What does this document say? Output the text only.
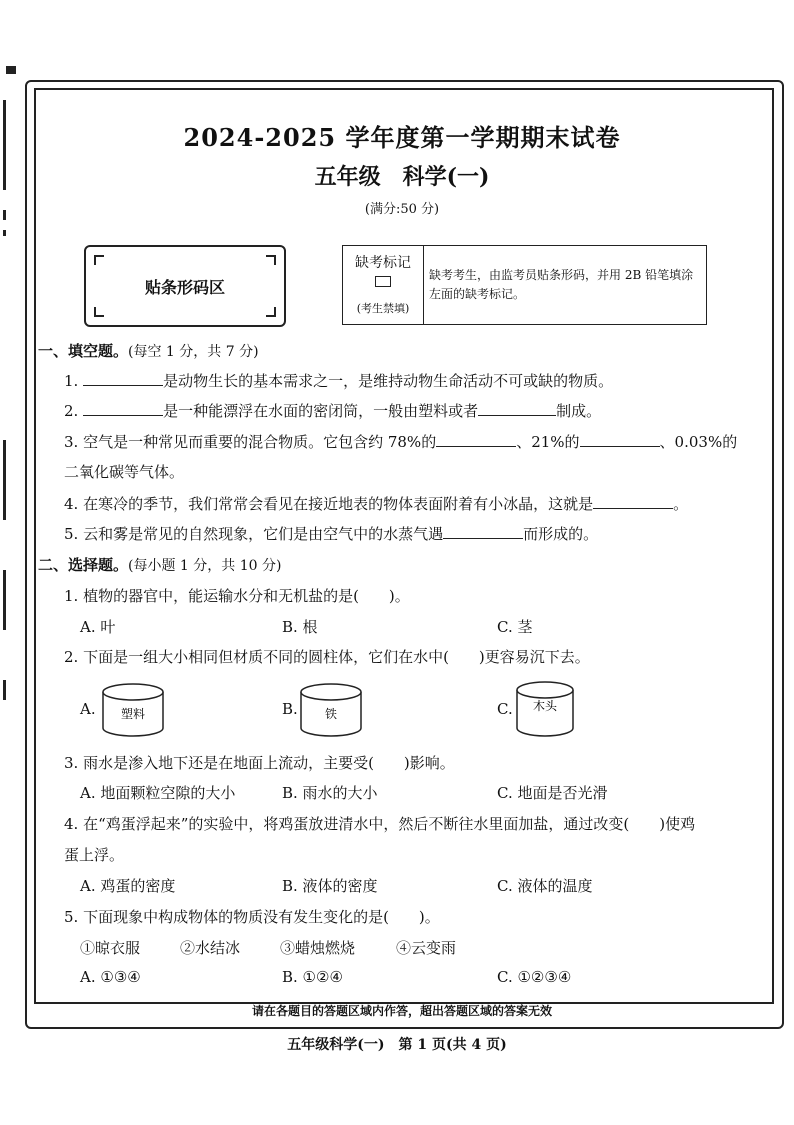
2024-2025 学年度第一学期期末试卷
五年级　科学(一)
(满分:50 分)
贴条形码区
缺考标记
(考生禁填)
缺考考生，由监考员贴条形码，并用 2B 铅笔填涂左面的缺考标记。
一、填空题。(每空 1 分，共 7 分)
1.	是动物生长的基本需求之一，是维持动物生命活动不可或缺的物质。
2.	是一种能漂浮在水面的密闭筒，一般由塑料或者	制成。
3. 空气是一种常见而重要的混合物质。它包含约 78%的	、21%的	、0.03%的
二氧化碳等气体。
4. 在寒冷的季节，我们常常会看见在接近地表的物体表面附着有小冰晶，这就是	。
5. 云和雾是常见的自然现象，它们是由空气中的水蒸气遇	而形成的。
二、选择题。(每小题 1 分，共 10 分)
1. 植物的器官中，能运输水分和无机盐的是(　　)。
A. 叶	B. 根	C. 茎
2. 下面是一组大小相同但材质不同的圆柱体，它们在水中(　　)更容易沉下去。
A. 塑料	B. 铁	C. 木头
3. 雨水是渗入地下还是在地面上流动，主要受(　　)影响。
A. 地面颗粒空隙的大小	B. 雨水的大小	C. 地面是否光滑
4. 在“鸡蛋浮起来”的实验中，将鸡蛋放进清水中，然后不断往水里面加盐，通过改变(　　)使鸡
蛋上浮。
A. 鸡蛋的密度	B. 液体的密度	C. 液体的温度
5. 下面现象中构成物体的物质没有发生变化的是(　　)。
①晾衣服	②水结冰	③蜡烛燃烧	④云变雨
A. ①③④	B. ①②④	C. ①②③④
请在各题目的答题区域内作答，超出答题区域的答案无效
五年级科学(一)　第 1 页(共 4 页)
